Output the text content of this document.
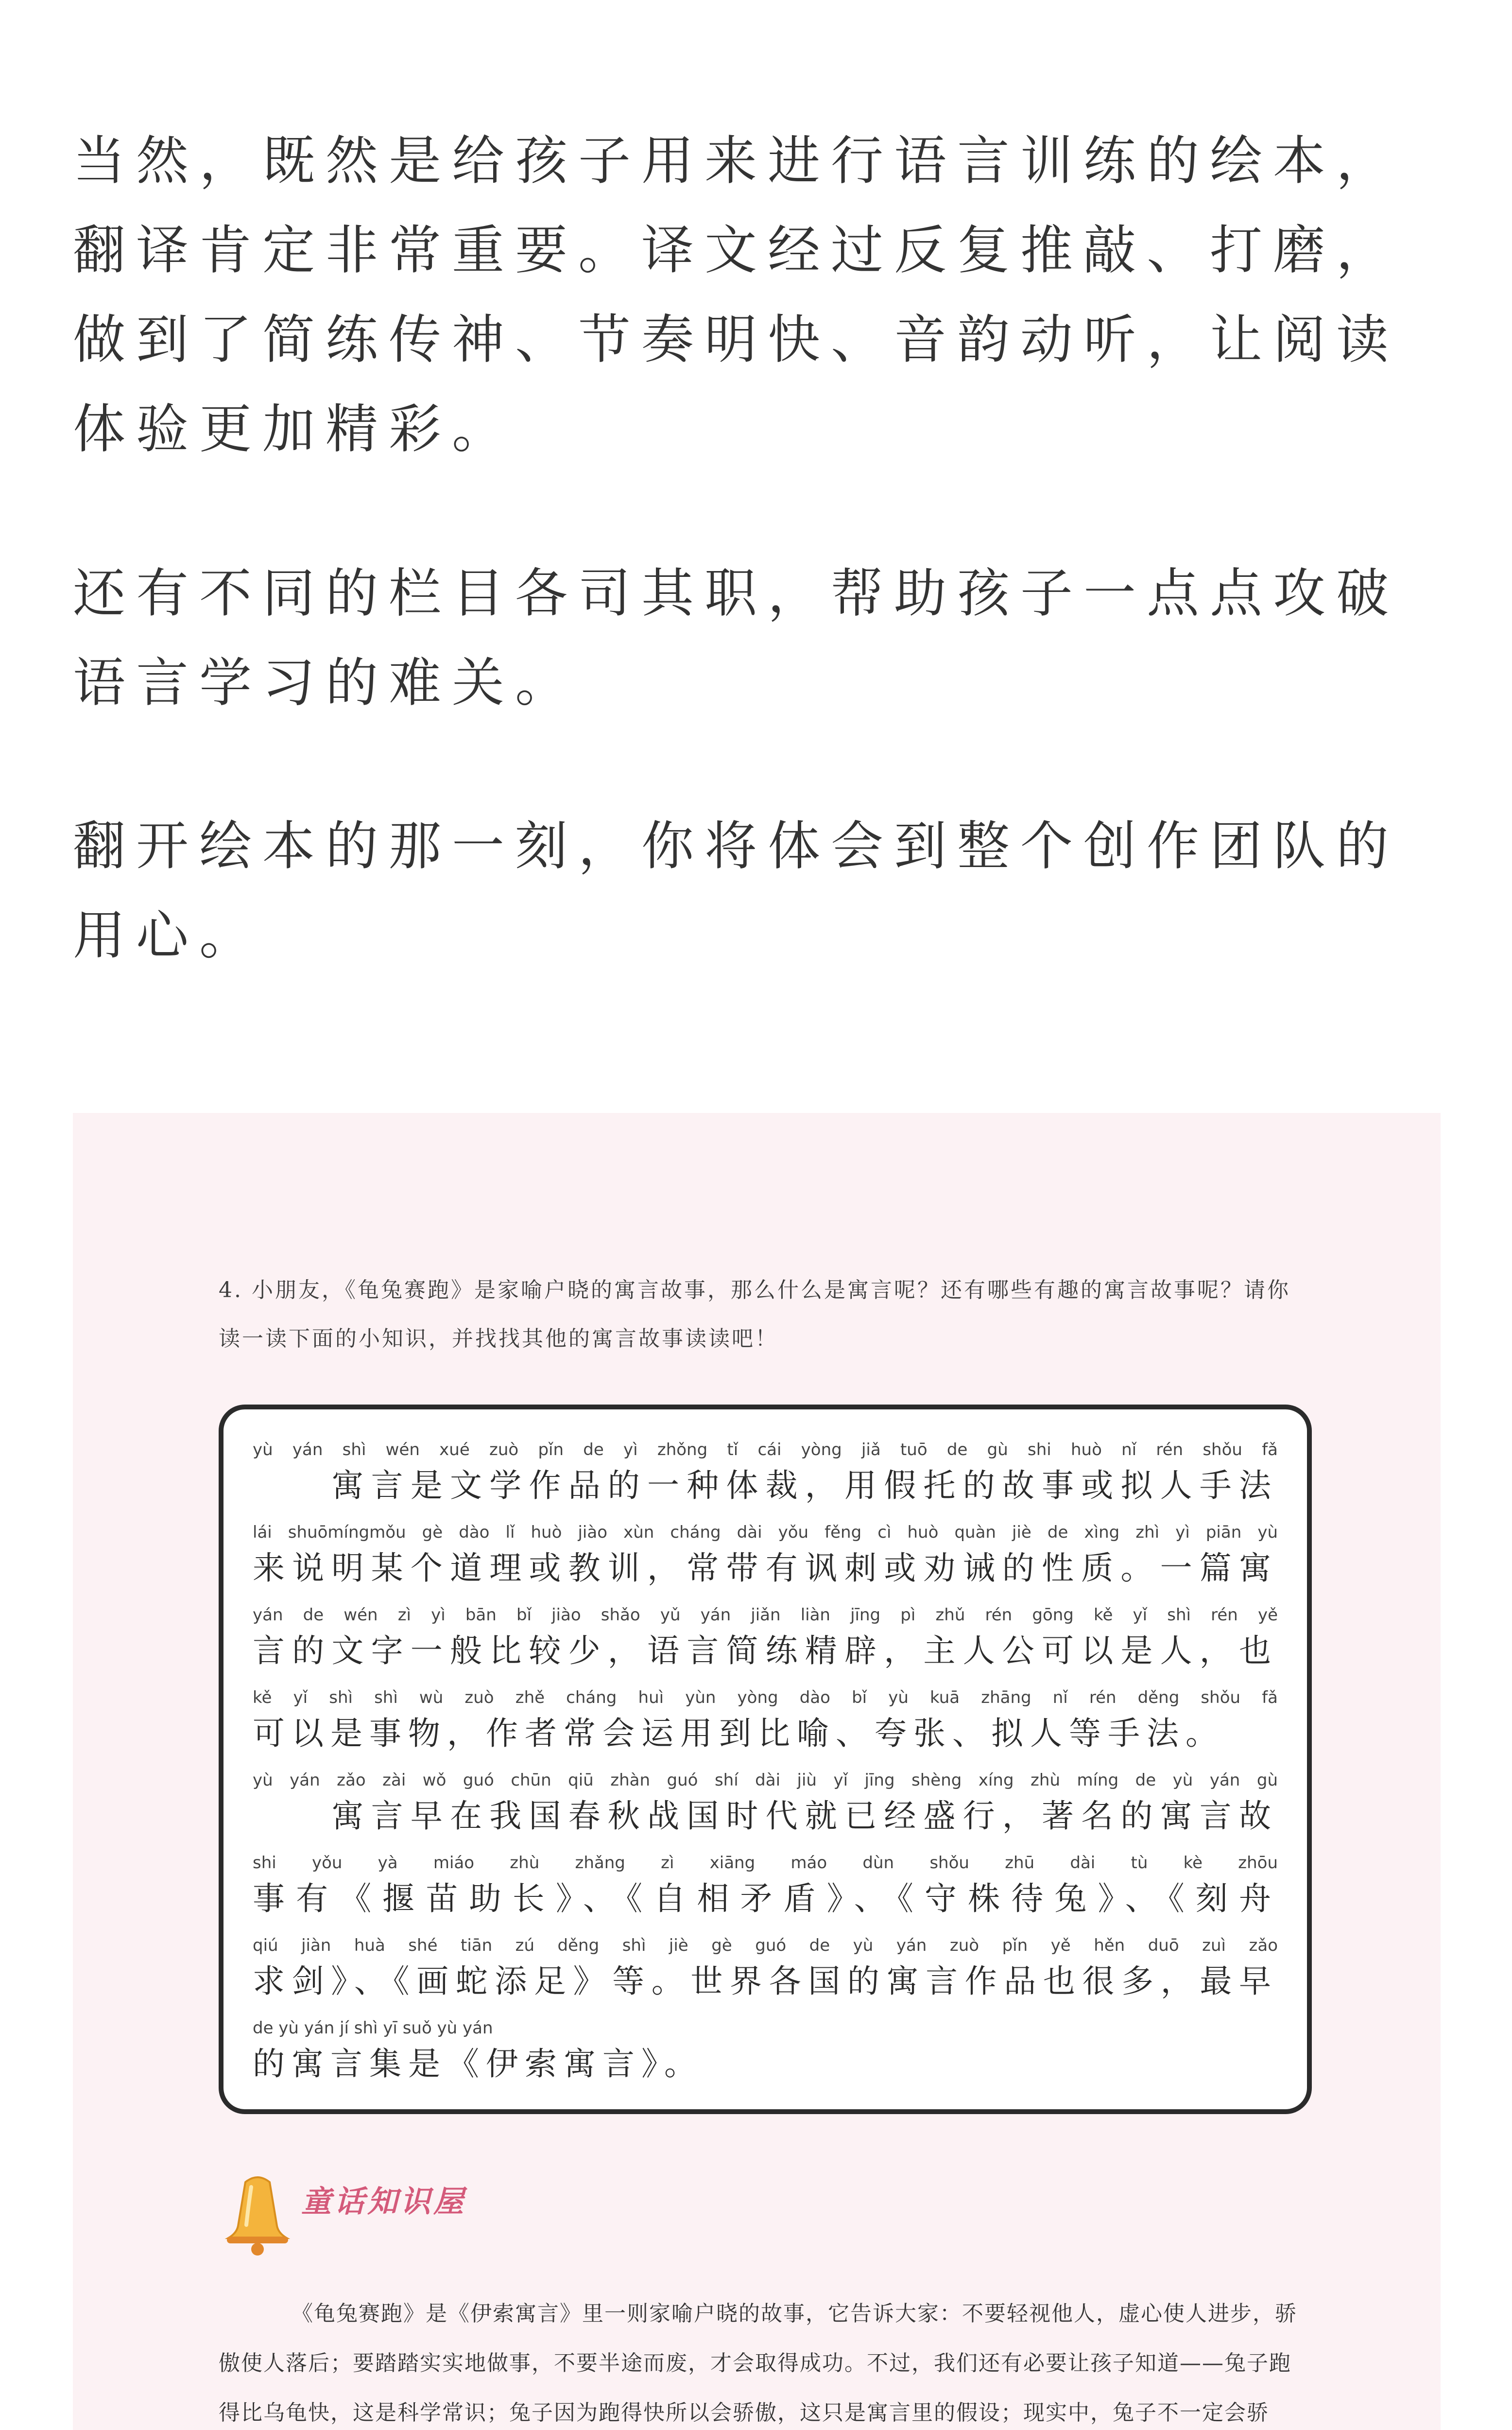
当然，既然是给孩子用来进行语言训练的绘本，翻译肯定非常重要。译文经过反复推敲、打磨，做到了简练传神、节奏明快、音韵动听，让阅读体验更加精彩。

还有不同的栏目各司其职，帮助孩子一点点攻破语言学习的难关。

翻开绘本的那一刻，你将体会到整个创作团队的用心。

4. 小朋友，《龟兔赛跑》是家喻户晓的寓言故事，那么什么是寓言呢？还有哪些有趣的寓言故事呢？请你读一读下面的小知识，并找找其他的寓言故事读读吧！

yù yán shì wén xué zuò pǐn de yì zhǒng tǐ cái yòng jiǎ tuō de gù shi huò nǐ rén shǒu fǎ
　　寓言是文学作品的一种体裁，用假托的故事或拟人手法
lái shuōmíngmǒu gè dào lǐ huò jiào xùn cháng dài yǒu fěng cì huò quàn jiè de xìng zhì yì piān yù
来说明某个道理或教训，常带有讽刺或劝诫的性质。一篇寓
yán de wén zì yì bān bǐ jiào shǎo yǔ yán jiǎn liàn jīng pì zhǔ rén gōng kě yǐ shì rén yě
言的文字一般比较少，语言简练精辟，主人公可以是人，也
kě yǐ shì shì wù zuò zhě cháng huì yùn yòng dào bǐ yù kuā zhāng nǐ rén děng shǒu fǎ
可以是事物，作者常会运用到比喻、夸张、拟人等手法。
yù yán zǎo zài wǒ guó chūn qiū zhàn guó shí dài jiù yǐ jīng shèng xíng zhù míng de yù yán gù
　　寓言早在我国春秋战国时代就已经盛行，著名的寓言故
shi yǒu yà miáo zhù zhǎng zì xiāng máo dùn shǒu zhū dài tù kè zhōu
事有《揠苗助长》、《自相矛盾》、《守株待兔》、《刻舟
qiú jiàn huà shé tiān zú děng shì jiè gè guó de yù yán zuò pǐn yě hěn duō zuì zǎo
求剑》、《画蛇添足》等。世界各国的寓言作品也很多，最早
de yù yán jí shì yī suǒ yù yán
的寓言集是《伊索寓言》。
童话知识屋

《龟兔赛跑》是《伊索寓言》里一则家喻户晓的故事，它告诉大家：不要轻视他人，虚心使人进步，骄傲使人落后；要踏踏实实地做事，不要半途而废，才会取得成功。不过，我们还有必要让孩子知道——兔子跑得比乌龟快，这是科学常识；兔子因为跑得快所以会骄傲，这只是寓言里的假设；现实中，兔子不一定会骄
